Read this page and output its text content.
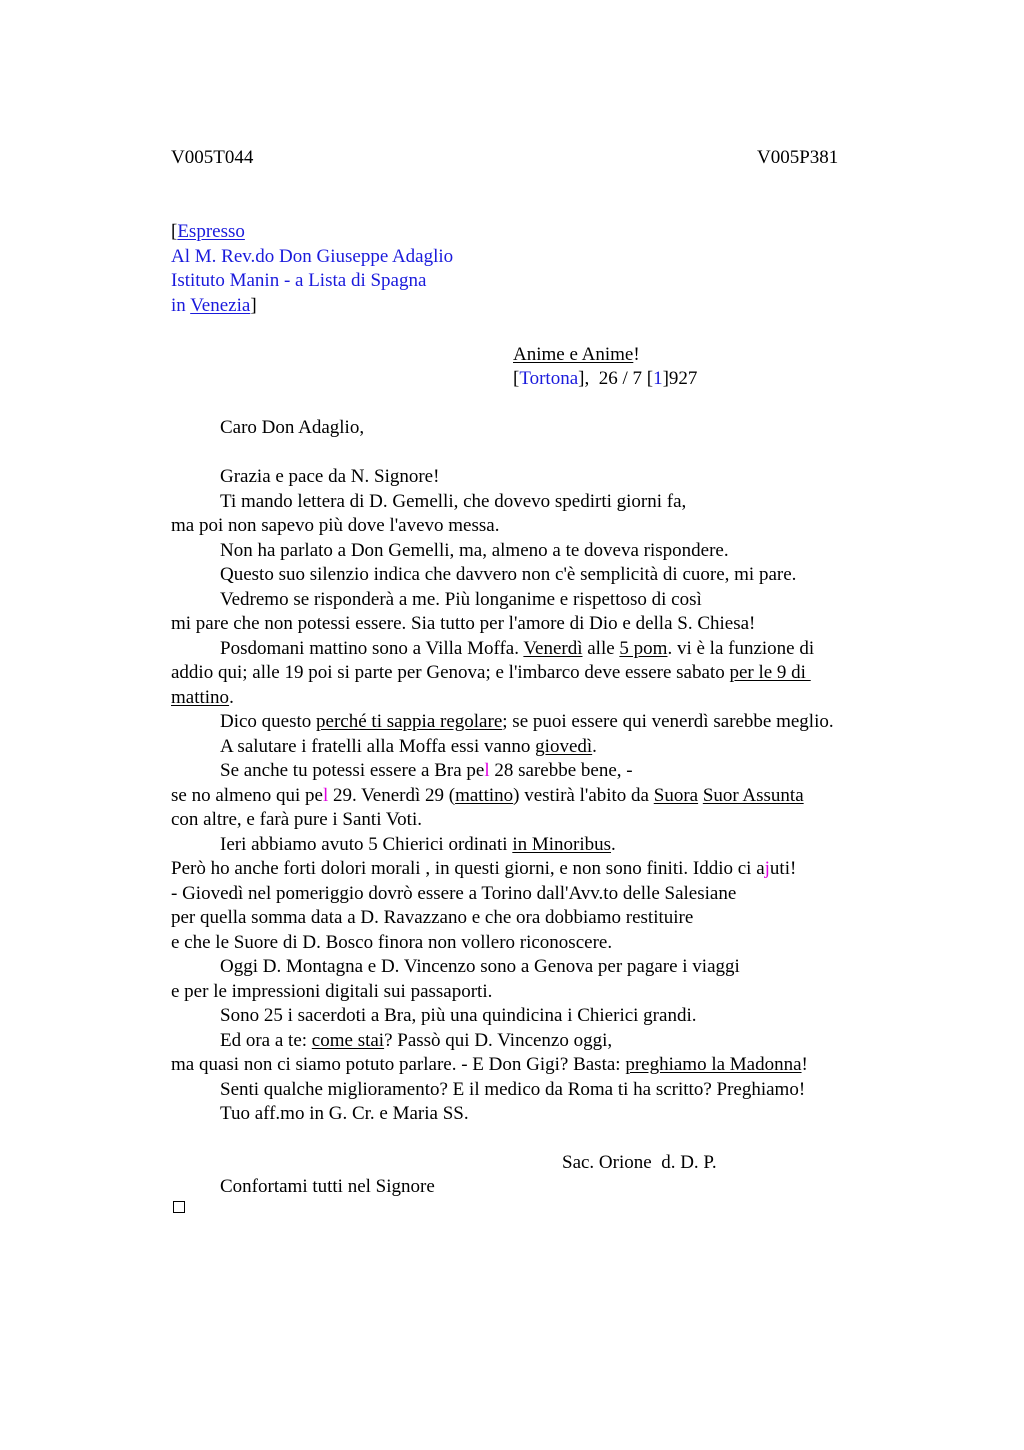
V005T044	V005P381
[Espresso
Al M. Rev.do Don Giuseppe Adaglio
Istituto Manin - a Lista di Spagna
in Venezia]
Anime e Anime!
[Tortona],  26 / 7 [1]927
Caro Don Adaglio,
Grazia e pace da N. Signore!
Ti mando lettera di D. Gemelli, che dovevo spedirti giorni fa,
ma poi non sapevo più dove l'avevo messa.
Non ha parlato a Don Gemelli, ma, almeno a te doveva rispondere.
Questo suo silenzio indica che davvero non c'è semplicità di cuore, mi pare.
Vedremo se risponderà a me. Più longanime e rispettoso di così
mi pare che non potessi essere. Sia tutto per l'amore di Dio e della S. Chiesa!
Posdomani mattino sono a Villa Moffa. Venerdì alle 5 pom. vi è la funzione di
addio qui; alle 19 poi si parte per Genova; e l'imbarco deve essere sabato per le 9 di
mattino.
Dico questo perché ti sappia regolare; se puoi essere qui venerdì sarebbe meglio.
A salutare i fratelli alla Moffa essi vanno giovedì.
Se anche tu potessi essere a Bra pel 28 sarebbe bene, -
se no almeno qui pel 29. Venerdì 29 (mattino) vestirà l'abito da Suora Suor Assunta
con altre, e farà pure i Santi Voti.
Ieri abbiamo avuto 5 Chierici ordinati in Minoribus.
Però ho anche forti dolori morali , in questi giorni, e non sono finiti. Iddio ci ajuti!
- Giovedì nel pomeriggio dovrò essere a Torino dall'Avv.to delle Salesiane
per quella somma data a D. Ravazzano e che ora dobbiamo restituire
e che le Suore di D. Bosco finora non vollero riconoscere.
Oggi D. Montagna e D. Vincenzo sono a Genova per pagare i viaggi
e per le impressioni digitali sui passaporti.
Sono 25 i sacerdoti a Bra, più una quindicina i Chierici grandi.
Ed ora a te: come stai? Passò qui D. Vincenzo oggi,
ma quasi non ci siamo potuto parlare. - E Don Gigi? Basta: preghiamo la Madonna!
Senti qualche miglioramento? E il medico da Roma ti ha scritto? Preghiamo!
Tuo aff.mo in G. Cr. e Maria SS.
Sac. Orione  d. D. P.
Confortami tutti nel Signore
